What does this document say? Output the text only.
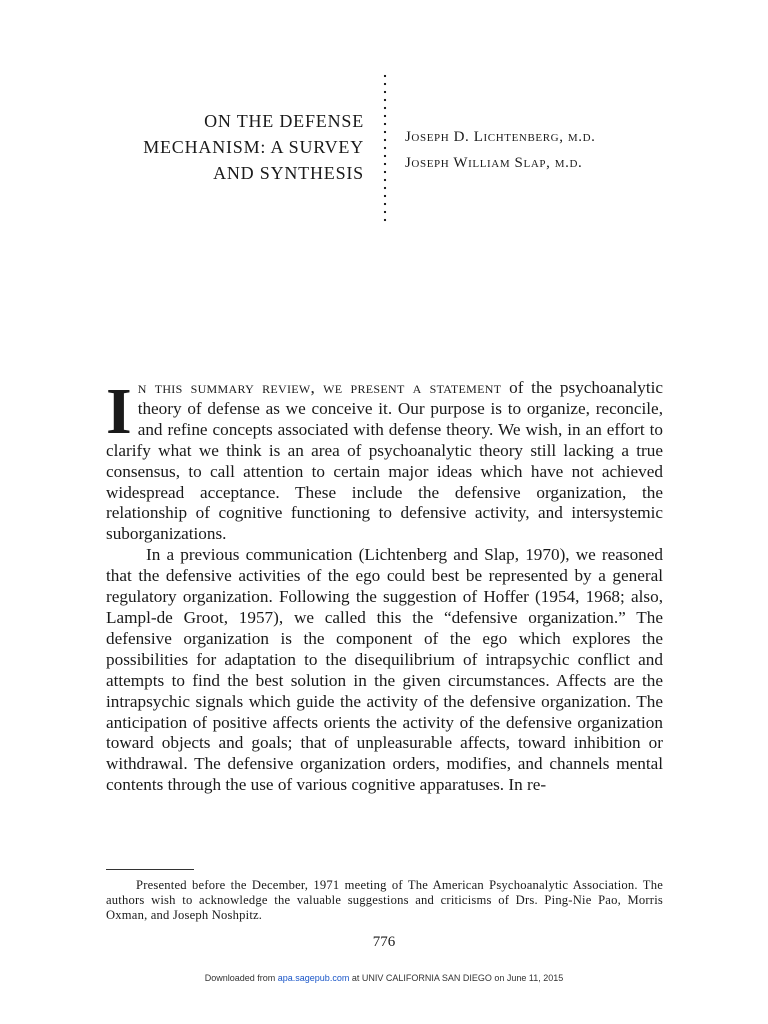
ON THE DEFENSE
MECHANISM: A SURVEY
AND SYNTHESIS
Joseph D. Lichtenberg, m.d.
Joseph William Slap, m.d.

In this summary review, we present a statement of the psychoanalytic theory of defense as we conceive it. Our purpose is to organize, reconcile, and refine concepts associated with defense theory. We wish, in an effort to clarify what we think is an area of psychoanalytic theory still lacking a true consensus, to call attention to certain major ideas which have not achieved widespread acceptance. These include the defensive organization, the relationship of cognitive functioning to defensive activity, and intersystemic suborganizations.

In a previous communication (Lichtenberg and Slap, 1970), we reasoned that the defensive activities of the ego could best be represented by a general regulatory organization. Following the suggestion of Hoffer (1954, 1968; also, Lampl-de Groot, 1957), we called this the “defensive organization.” The defensive organization is the component of the ego which explores the possibilities for adaptation to the disequilibrium of intrapsychic conflict and attempts to find the best solution in the given circumstances. Affects are the intrapsychic signals which guide the activity of the defensive organization. The anticipation of positive affects orients the activity of the defensive organization toward objects and goals; that of unpleasurable affects, toward inhibition or withdrawal. The defensive organization orders, modifies, and channels mental contents through the use of various cognitive apparatuses. In re-

Presented before the December, 1971 meeting of The American Psychoanalytic Association. The authors wish to acknowledge the valuable suggestions and criticisms of Drs. Ping-Nie Pao, Morris Oxman, and Joseph Noshpitz.

776
Downloaded from apa.sagepub.com at UNIV CALIFORNIA SAN DIEGO on June 11, 2015
